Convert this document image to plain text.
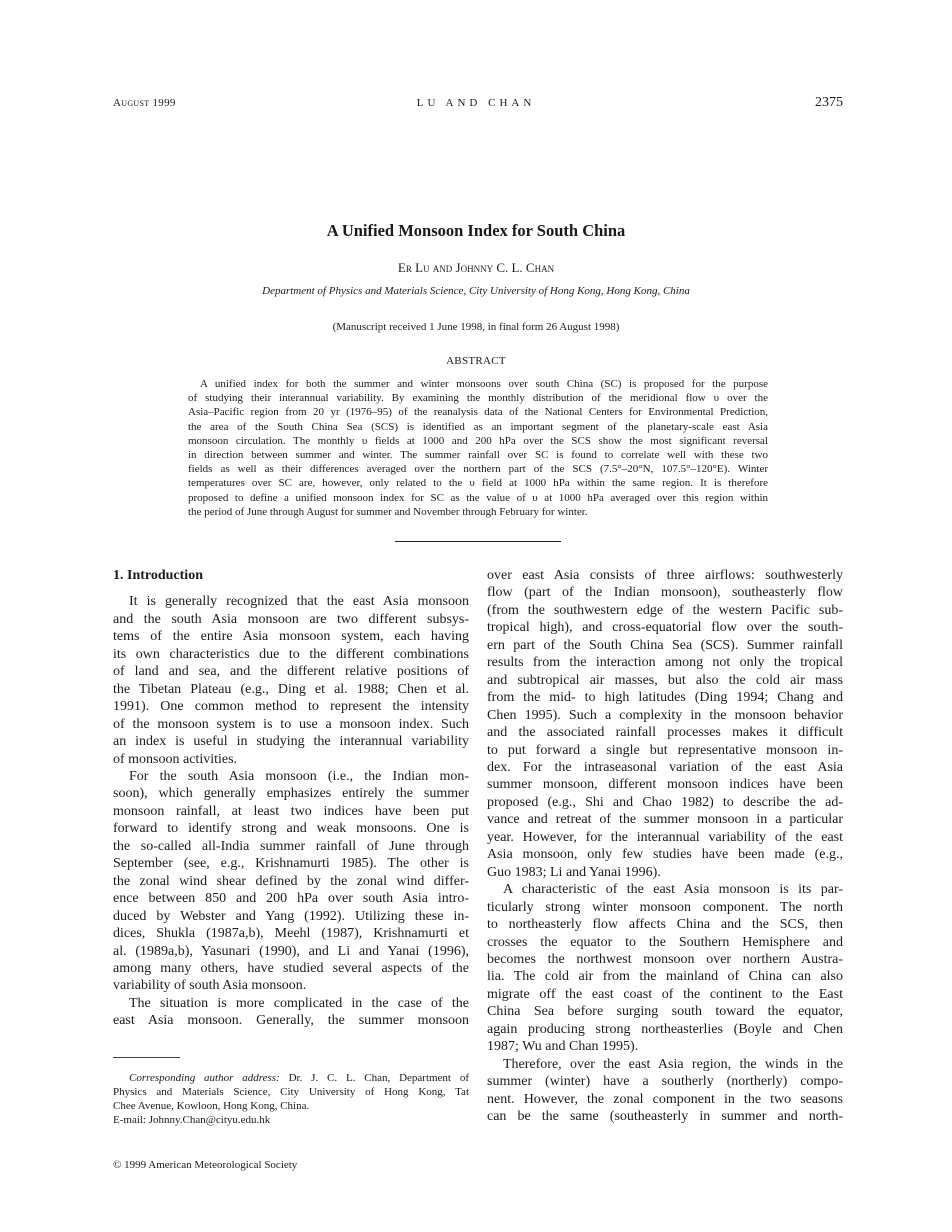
August 1999	LU AND CHAN	2375
A Unified Monsoon Index for South China
Er Lu and Johnny C. L. Chan
Department of Physics and Materials Science, City University of Hong Kong, Hong Kong, China
(Manuscript received 1 June 1998, in final form 26 August 1998)
ABSTRACT
A unified index for both the summer and winter monsoons over south China (SC) is proposed for the purpose
of studying their interannual variability. By examining the monthly distribution of the meridional flow υ over the
Asia–Pacific region from 20 yr (1976–95) of the reanalysis data of the National Centers for Environmental Prediction,
the area of the South China Sea (SCS) is identified as an important segment of the planetary-scale east Asia
monsoon circulation. The monthly υ fields at 1000 and 200 hPa over the SCS show the most significant reversal
in direction between summer and winter. The summer rainfall over SC is found to correlate well with these two
fields as well as their differences averaged over the northern part of the SCS (7.5°–20°N, 107.5°–120°E). Winter
temperatures over SC are, however, only related to the υ field at 1000 hPa within the same region. It is therefore
proposed to define a unified monsoon index for SC as the value of υ at 1000 hPa averaged over this region within
the period of June through August for summer and November through February for winter.
1. Introduction
It is generally recognized that the east Asia monsoon
and the south Asia monsoon are two different subsys-
tems of the entire Asia monsoon system, each having
its own characteristics due to the different combinations
of land and sea, and the different relative positions of
the Tibetan Plateau (e.g., Ding et al. 1988; Chen et al.
1991). One common method to represent the intensity
of the monsoon system is to use a monsoon index. Such
an index is useful in studying the interannual variability
of monsoon activities.
For the south Asia monsoon (i.e., the Indian mon-
soon), which generally emphasizes entirely the summer
monsoon rainfall, at least two indices have been put
forward to identify strong and weak monsoons. One is
the so-called all-India summer rainfall of June through
September (see, e.g., Krishnamurti 1985). The other is
the zonal wind shear defined by the zonal wind differ-
ence between 850 and 200 hPa over south Asia intro-
duced by Webster and Yang (1992). Utilizing these in-
dices, Shukla (1987a,b), Meehl (1987), Krishnamurti et
al. (1989a,b), Yasunari (1990), and Li and Yanai (1996),
among many others, have studied several aspects of the
variability of south Asia monsoon.
The situation is more complicated in the case of the
east Asia monsoon. Generally, the summer monsoon
over east Asia consists of three airflows: southwesterly
flow (part of the Indian monsoon), southeasterly flow
(from the southwestern edge of the western Pacific sub-
tropical high), and cross-equatorial flow over the south-
ern part of the South China Sea (SCS). Summer rainfall
results from the interaction among not only the tropical
and subtropical air masses, but also the cold air mass
from the mid- to high latitudes (Ding 1994; Chang and
Chen 1995). Such a complexity in the monsoon behavior
and the associated rainfall processes makes it difficult
to put forward a single but representative monsoon in-
dex. For the intraseasonal variation of the east Asia
summer monsoon, different monsoon indices have been
proposed (e.g., Shi and Chao 1982) to describe the ad-
vance and retreat of the summer monsoon in a particular
year. However, for the interannual variability of the east
Asia monsoon, only few studies have been made (e.g.,
Guo 1983; Li and Yanai 1996).
A characteristic of the east Asia monsoon is its par-
ticularly strong winter monsoon component. The north
to northeasterly flow affects China and the SCS, then
crosses the equator to the Southern Hemisphere and
becomes the northwest monsoon over northern Austra-
lia. The cold air from the mainland of China can also
migrate off the east coast of the continent to the East
China Sea before surging south toward the equator,
again producing strong northeasterlies (Boyle and Chen
1987; Wu and Chan 1995).
Therefore, over the east Asia region, the winds in the
summer (winter) have a southerly (northerly) compo-
nent. However, the zonal component in the two seasons
can be the same (southeasterly in summer and north-
Corresponding author address: Dr. J. C. L. Chan, Department of
Physics and Materials Science, City University of Hong Kong, Tat
Chee Avenue, Kowloon, Hong Kong, China.
E-mail: Johnny.Chan@cityu.edu.hk
© 1999 American Meteorological Society
